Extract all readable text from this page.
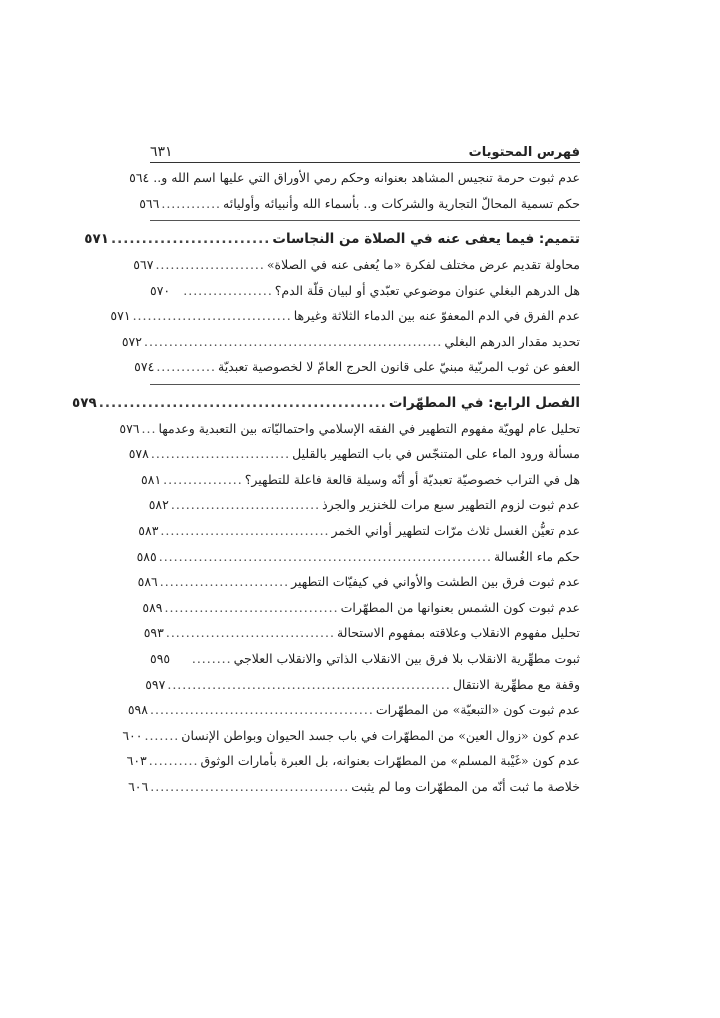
٦٣١	فهرس المحتويات
عدم ثبوت حرمة تنجيس المشاهد بعنوانه وحكم رمي الأوراق التي عليها اسم الله و..
٥٦٤
حكم تسمية المحالّ التجارية والشركات و.. بأسماء الله وأنبيائه وأوليائه
............
٥٦٦
تتميم: فيما يعفى عنه في الصلاة من النجاسات
..........................
٥٧١
محاولة تقديم عرض مختلف لفكرة «ما يُعفى عنه في الصلاة»
......................
٥٦٧
هل الدرهم البغلي عنوان موضوعي تعبّدي أو لبيان قلّة الدم؟
..................
٥٧٠
عدم الفرق في الدم المعفوّ عنه بين الدماء الثلاثة وغيرها
................................
٥٧١
تحديد مقدار الدرهم البغلي
............................................................
٥٧٢
العفو عن ثوب المربّية مبنيّ على قانون الحرج العامّ لا لخصوصية تعبديّة
............
٥٧٤
الفصل الرابع: في المطهّرات
...............................................
٥٧٩
تحليل عام لهويّة مفهوم التطهير في الفقه الإسلامي واحتماليّاته بين التعبدية وعدمها
...
٥٧٦
مسألة ورود الماء على المتنجّس في باب التطهير بالقليل
............................
٥٧٨
هل في التراب خصوصيّة تعبديّة أو أنّه وسيلة قالعة فاعلة للتطهير؟
................
٥٨١
عدم ثبوت لزوم التطهير سبع مرات للخنزير والجرذ
..............................
٥٨٢
عدم تعيُّن الغسل ثلاث مرّات لتطهير أواني الخمر
..................................
٥٨٣
حكم ماء الغُسالة
...................................................................
٥٨٥
عدم ثبوت فرق بين الطشت والأواني في كيفيّات التطهير
..........................
٥٨٦
عدم ثبوت كون الشمس بعنوانها من المطهّرات
...................................
٥٨٩
تحليل مفهوم الانقلاب وعلاقته بمفهوم الاستحالة
..................................
٥٩٣
ثبوت مطهِّرية الانقلاب بلا فرق بين الانقلاب الذاتي والانقلاب العلاجي
........
٥٩٥
وقفة مع مطهِّرية الانتقال
.........................................................
٥٩٧
عدم ثبوت كون «التبعيّة» من المطهّرات
.............................................
٥٩٨
عدم كون «زوال العين» من المطهّرات في باب جسد الحيوان وبواطن الإنسان
.......
٦٠٠
عدم كون «غَيْبة المسلم» من المطهّرات بعنوانه، بل العبرة بأمارات الوثوق
..........
٦٠٣
خلاصة ما ثبت أنّه من المطهّرات وما لم يثبت
........................................
٦٠٦
